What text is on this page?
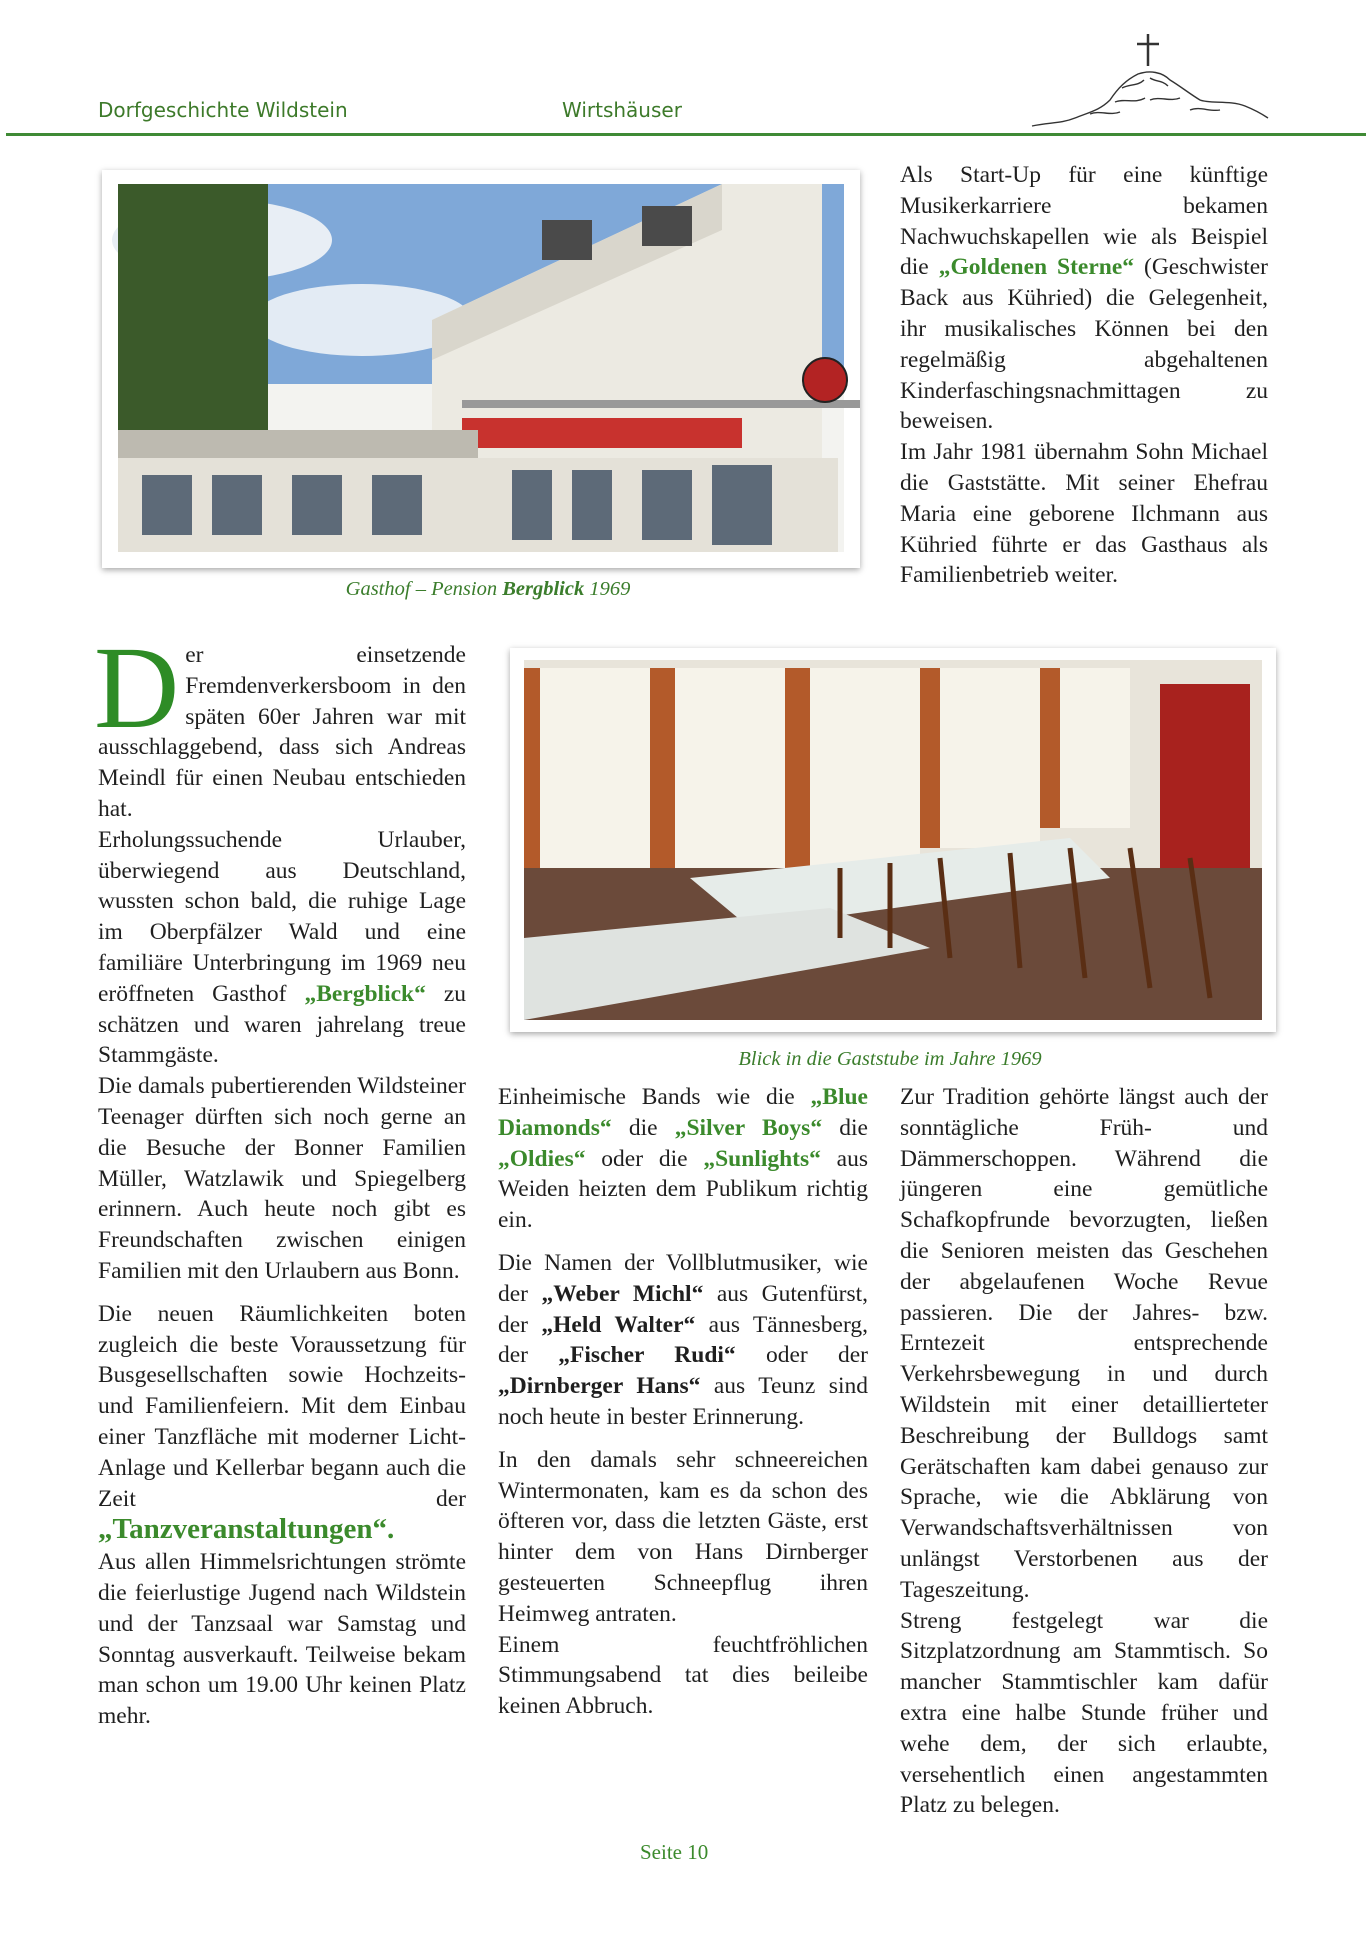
Dorfgeschichte Wildstein	Wirtshäuser
Gasthof – Pension Bergblick 1969
Blick in die Gaststube im Jahre 1969

Als Start-Up für eine künftige Musikerkarriere bekamen Nachwuchskapellen wie als Beispiel die „Goldenen Sterne“ (Geschwister Back aus Kühried) die Gelegenheit, ihr musikalisches Können bei den regelmäßig abgehaltenen Kinderfaschingsnachmittagen zu beweisen.

Im Jahr 1981 übernahm Sohn Michael die Gaststätte. Mit seiner Ehefrau Maria eine geborene Ilchmann aus Kühried führte er das Gasthaus als Familienbetrieb weiter.

Der einsetzende Fremdenverkersboom in den späten 60er Jahren war mit ausschlaggebend, dass sich Andreas Meindl für einen Neubau entschieden hat.

Erholungssuchende Urlauber, überwiegend aus Deutschland, wussten schon bald, die ruhige Lage im Oberpfälzer Wald und eine familiäre Unterbringung im 1969 neu eröffneten Gasthof „Bergblick“ zu schätzen und waren jahrelang treue Stammgäste.

Die damals pubertierenden Wildsteiner Teenager dürften sich noch gerne an die Besuche der Bonner Familien Müller, Watzlawik und Spiegelberg erinnern. Auch heute noch gibt es Freundschaften zwischen einigen Familien mit den Urlaubern aus Bonn.

Die neuen Räumlichkeiten boten zugleich die beste Voraussetzung für Busgesellschaften sowie Hochzeits- und Familienfeiern. Mit dem Einbau einer Tanzfläche mit moderner Licht-Anlage und Kellerbar begann auch die Zeit der „Tanzveranstaltungen“.

Aus allen Himmelsrichtungen strömte die feierlustige Jugend nach Wildstein und der Tanzsaal war Samstag und Sonntag ausverkauft. Teilweise bekam man schon um 19.00 Uhr keinen Platz mehr.

Einheimische Bands wie die „Blue Diamonds“ die „Silver Boys“ die „Oldies“ oder die „Sunlights“ aus Weiden heizten dem Publikum richtig ein.

Die Namen der Vollblutmusiker, wie der „Weber Michl“ aus Gutenfürst, der „Held Walter“ aus Tännesberg, der „Fischer Rudi“ oder der „Dirnberger Hans“ aus Teunz sind noch heute in bester Erinnerung.

In den damals sehr schneereichen Wintermonaten, kam es da schon des öfteren vor, dass die letzten Gäste, erst hinter dem von Hans Dirnberger gesteuerten Schneepflug ihren Heimweg antraten.

Einem feuchtfröhlichen Stimmungsabend tat dies beileibe keinen Abbruch.

Zur Tradition gehörte längst auch der sonntägliche Früh- und Dämmerschoppen. Während die jüngeren eine gemütliche Schafkopfrunde bevorzugten, ließen die Senioren meisten das Geschehen der abgelaufenen Woche Revue passieren. Die der Jahres- bzw. Erntezeit entsprechende Verkehrsbewegung in und durch Wildstein mit einer detaillierteter Beschreibung der Bulldogs samt Gerätschaften kam dabei genauso zur Sprache, wie die Abklärung von Verwandschaftsverhältnissen von unlängst Verstorbenen aus der Tageszeitung.

Streng festgelegt war die Sitzplatzordnung am Stammtisch. So mancher Stammtischler kam dafür extra eine halbe Stunde früher und wehe dem, der sich erlaubte, versehentlich einen angestammten Platz zu belegen.

Seite 10
